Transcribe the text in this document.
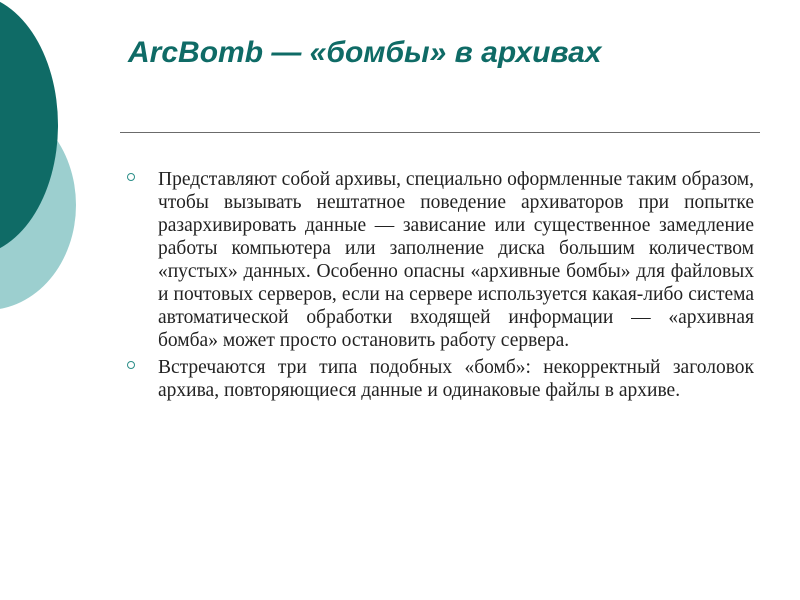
ArcBomb — «бомбы» в архивах
Представляют собой архивы, специально оформленные таким образом, чтобы вызывать нештатное поведение архиваторов при попытке разархивировать данные — зависание или существенное замедление работы компьютера или заполнение диска большим количеством «пустых» данных. Особенно опасны «архивные бомбы» для файловых и почтовых серверов, если на сервере используется какая-либо система автоматической обработки входящей информации — «архивная бомба» может просто остановить работу сервера.
Встречаются три типа подобных «бомб»: некорректный заголовок архива, повторяющиеся данные и одинаковые файлы в архиве.
